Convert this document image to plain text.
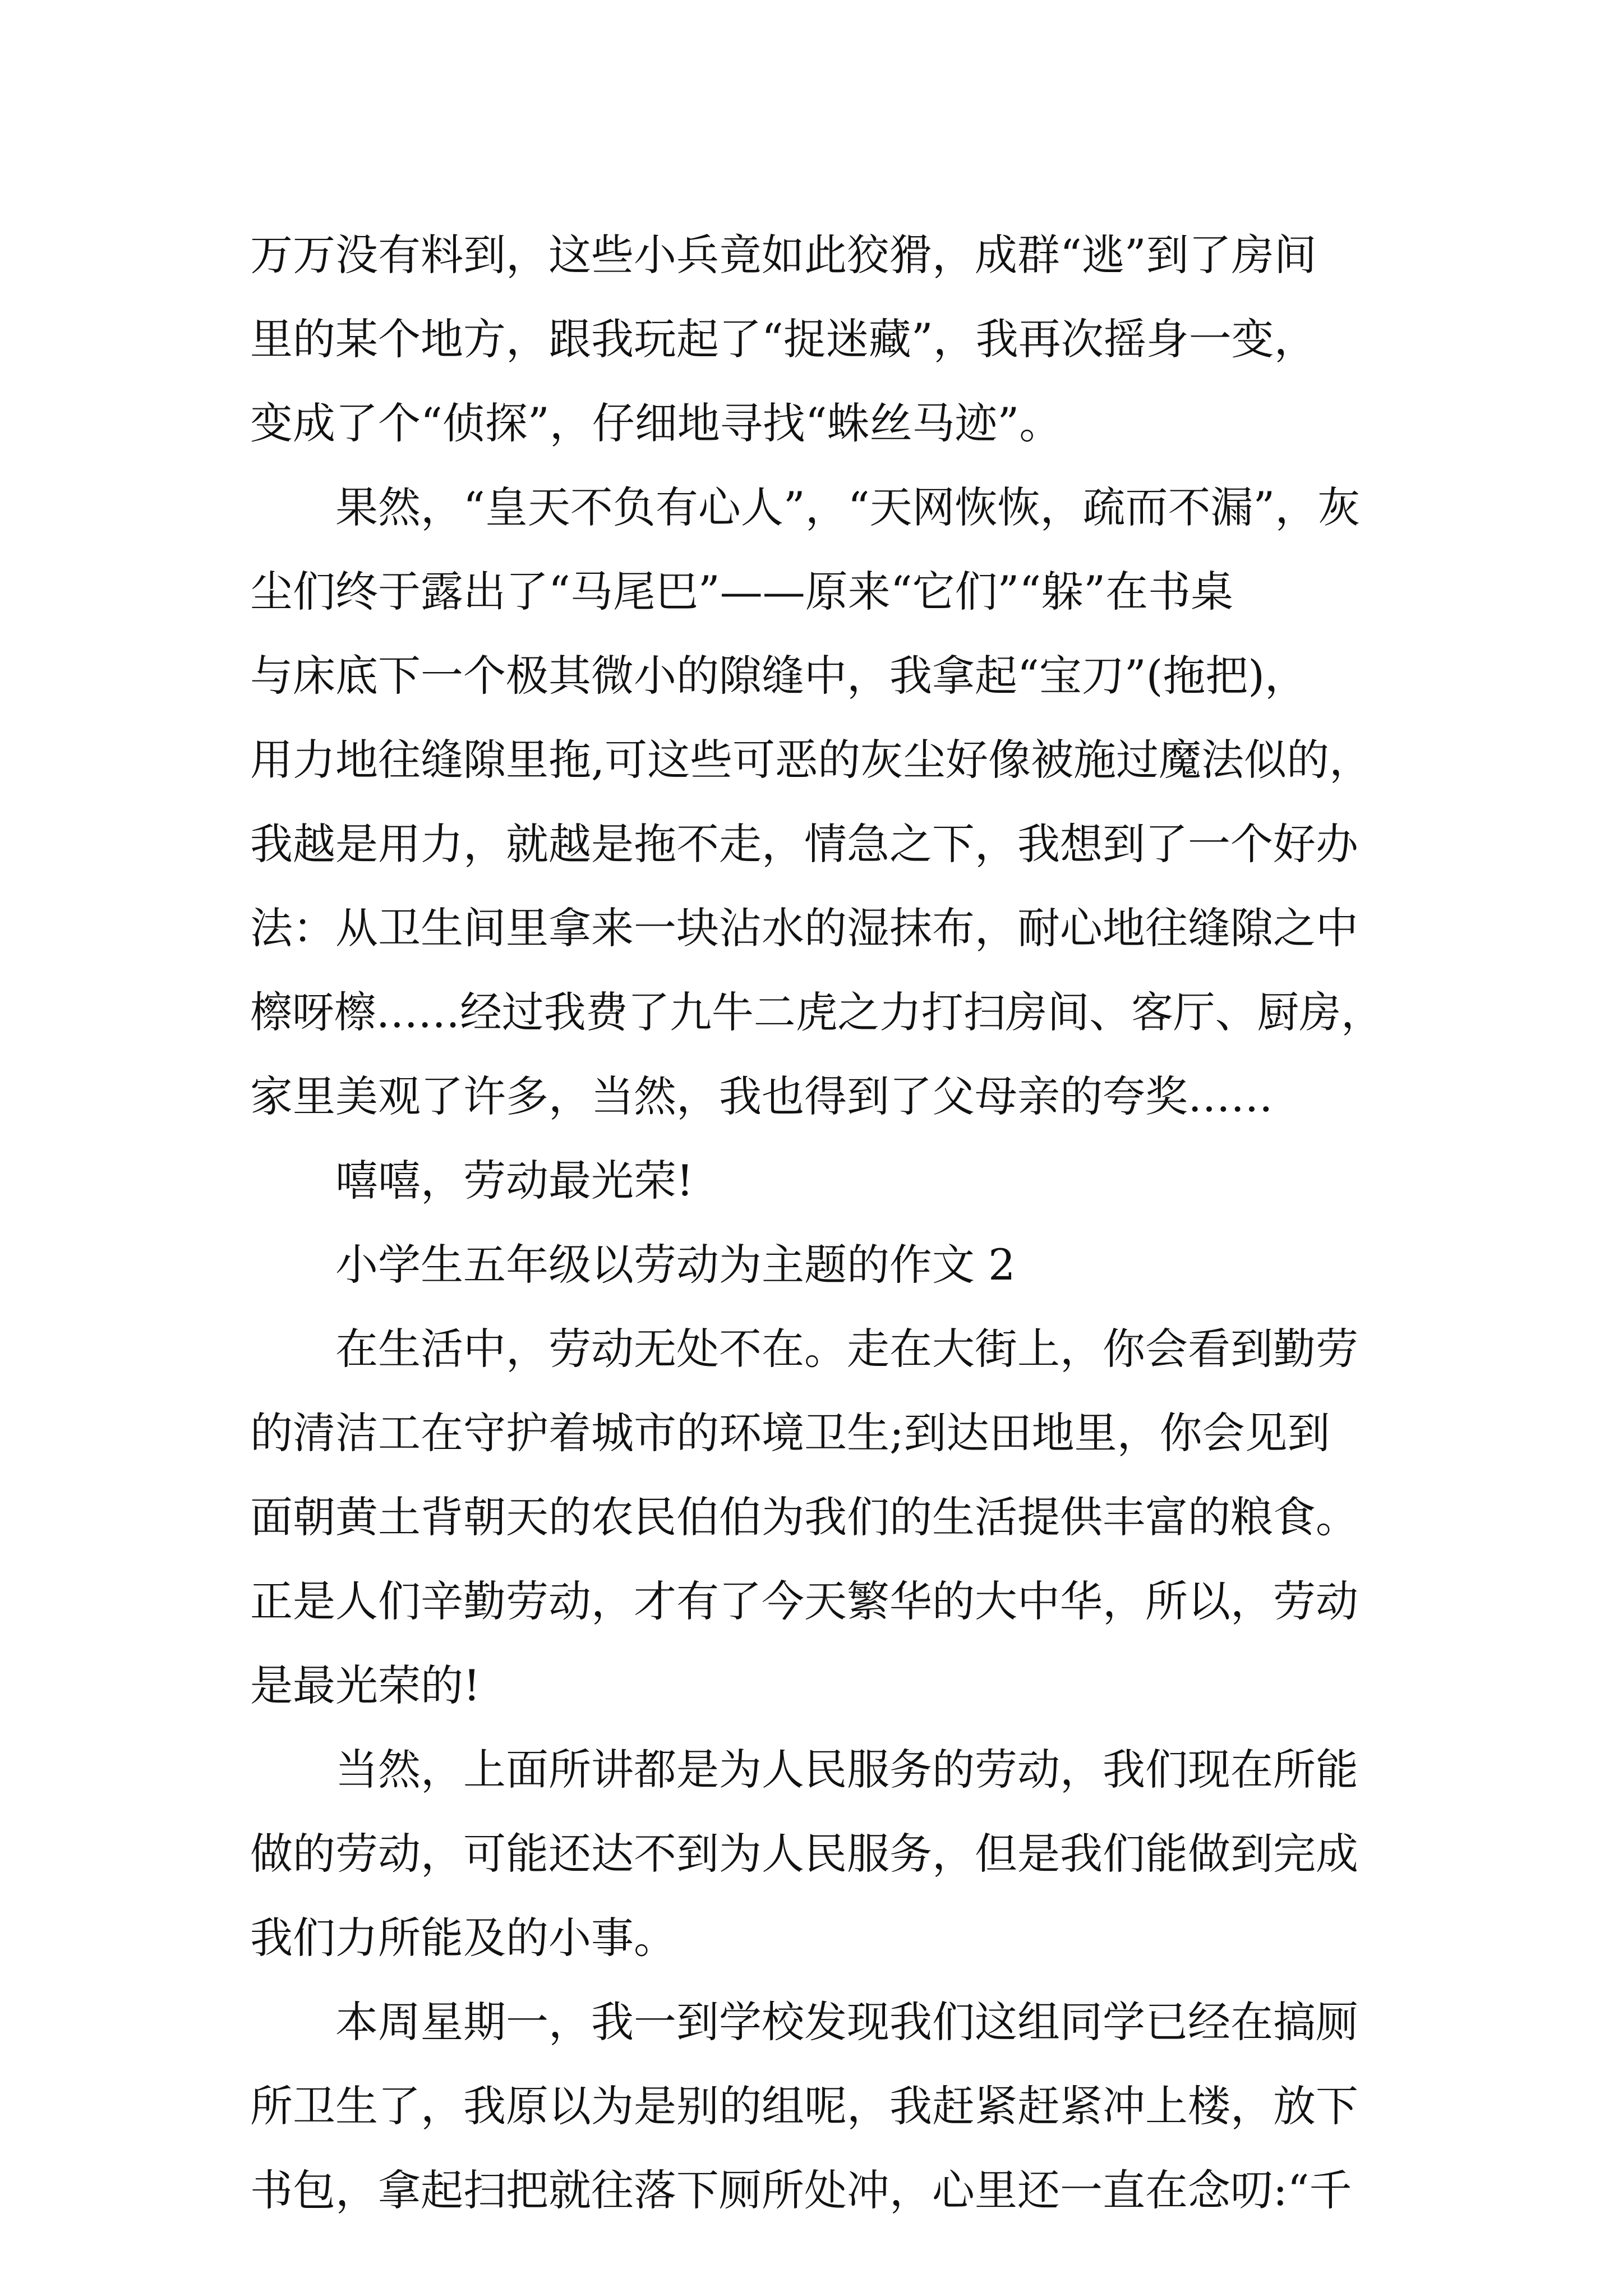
万万没有料到，这些小兵竟如此狡猾，成群“逃”到了房间
里的某个地方，跟我玩起了“捉迷藏”，我再次摇身一变，
变成了个“侦探”，仔细地寻找“蛛丝马迹”。
果然，“皇天不负有心人”，“天网恢恢，疏而不漏”，灰
尘们终于露出了“马尾巴”——原来“它们”“躲”在书桌
与床底下一个极其微小的隙缝中，我拿起“宝刀”(拖把)，
用力地往缝隙里拖,可这些可恶的灰尘好像被施过魔法似的，
我越是用力，就越是拖不走，情急之下，我想到了一个好办
法：从卫生间里拿来一块沾水的湿抹布，耐心地往缝隙之中
檫呀檫……经过我费了九牛二虎之力打扫房间、客厅、厨房，
家里美观了许多，当然，我也得到了父母亲的夸奖……
嘻嘻，劳动最光荣!
小学生五年级以劳动为主题的作文 2
在生活中，劳动无处不在。走在大街上，你会看到勤劳
的清洁工在守护着城市的环境卫生;到达田地里，你会见到
面朝黄土背朝天的农民伯伯为我们的生活提供丰富的粮食。
正是人们辛勤劳动，才有了今天繁华的大中华，所以，劳动
是最光荣的!
当然，上面所讲都是为人民服务的劳动，我们现在所能
做的劳动，可能还达不到为人民服务，但是我们能做到完成
我们力所能及的小事。
本周星期一，我一到学校发现我们这组同学已经在搞厕
所卫生了，我原以为是别的组呢，我赶紧赶紧冲上楼，放下
书包，拿起扫把就往落下厕所处冲，心里还一直在念叨:“千
